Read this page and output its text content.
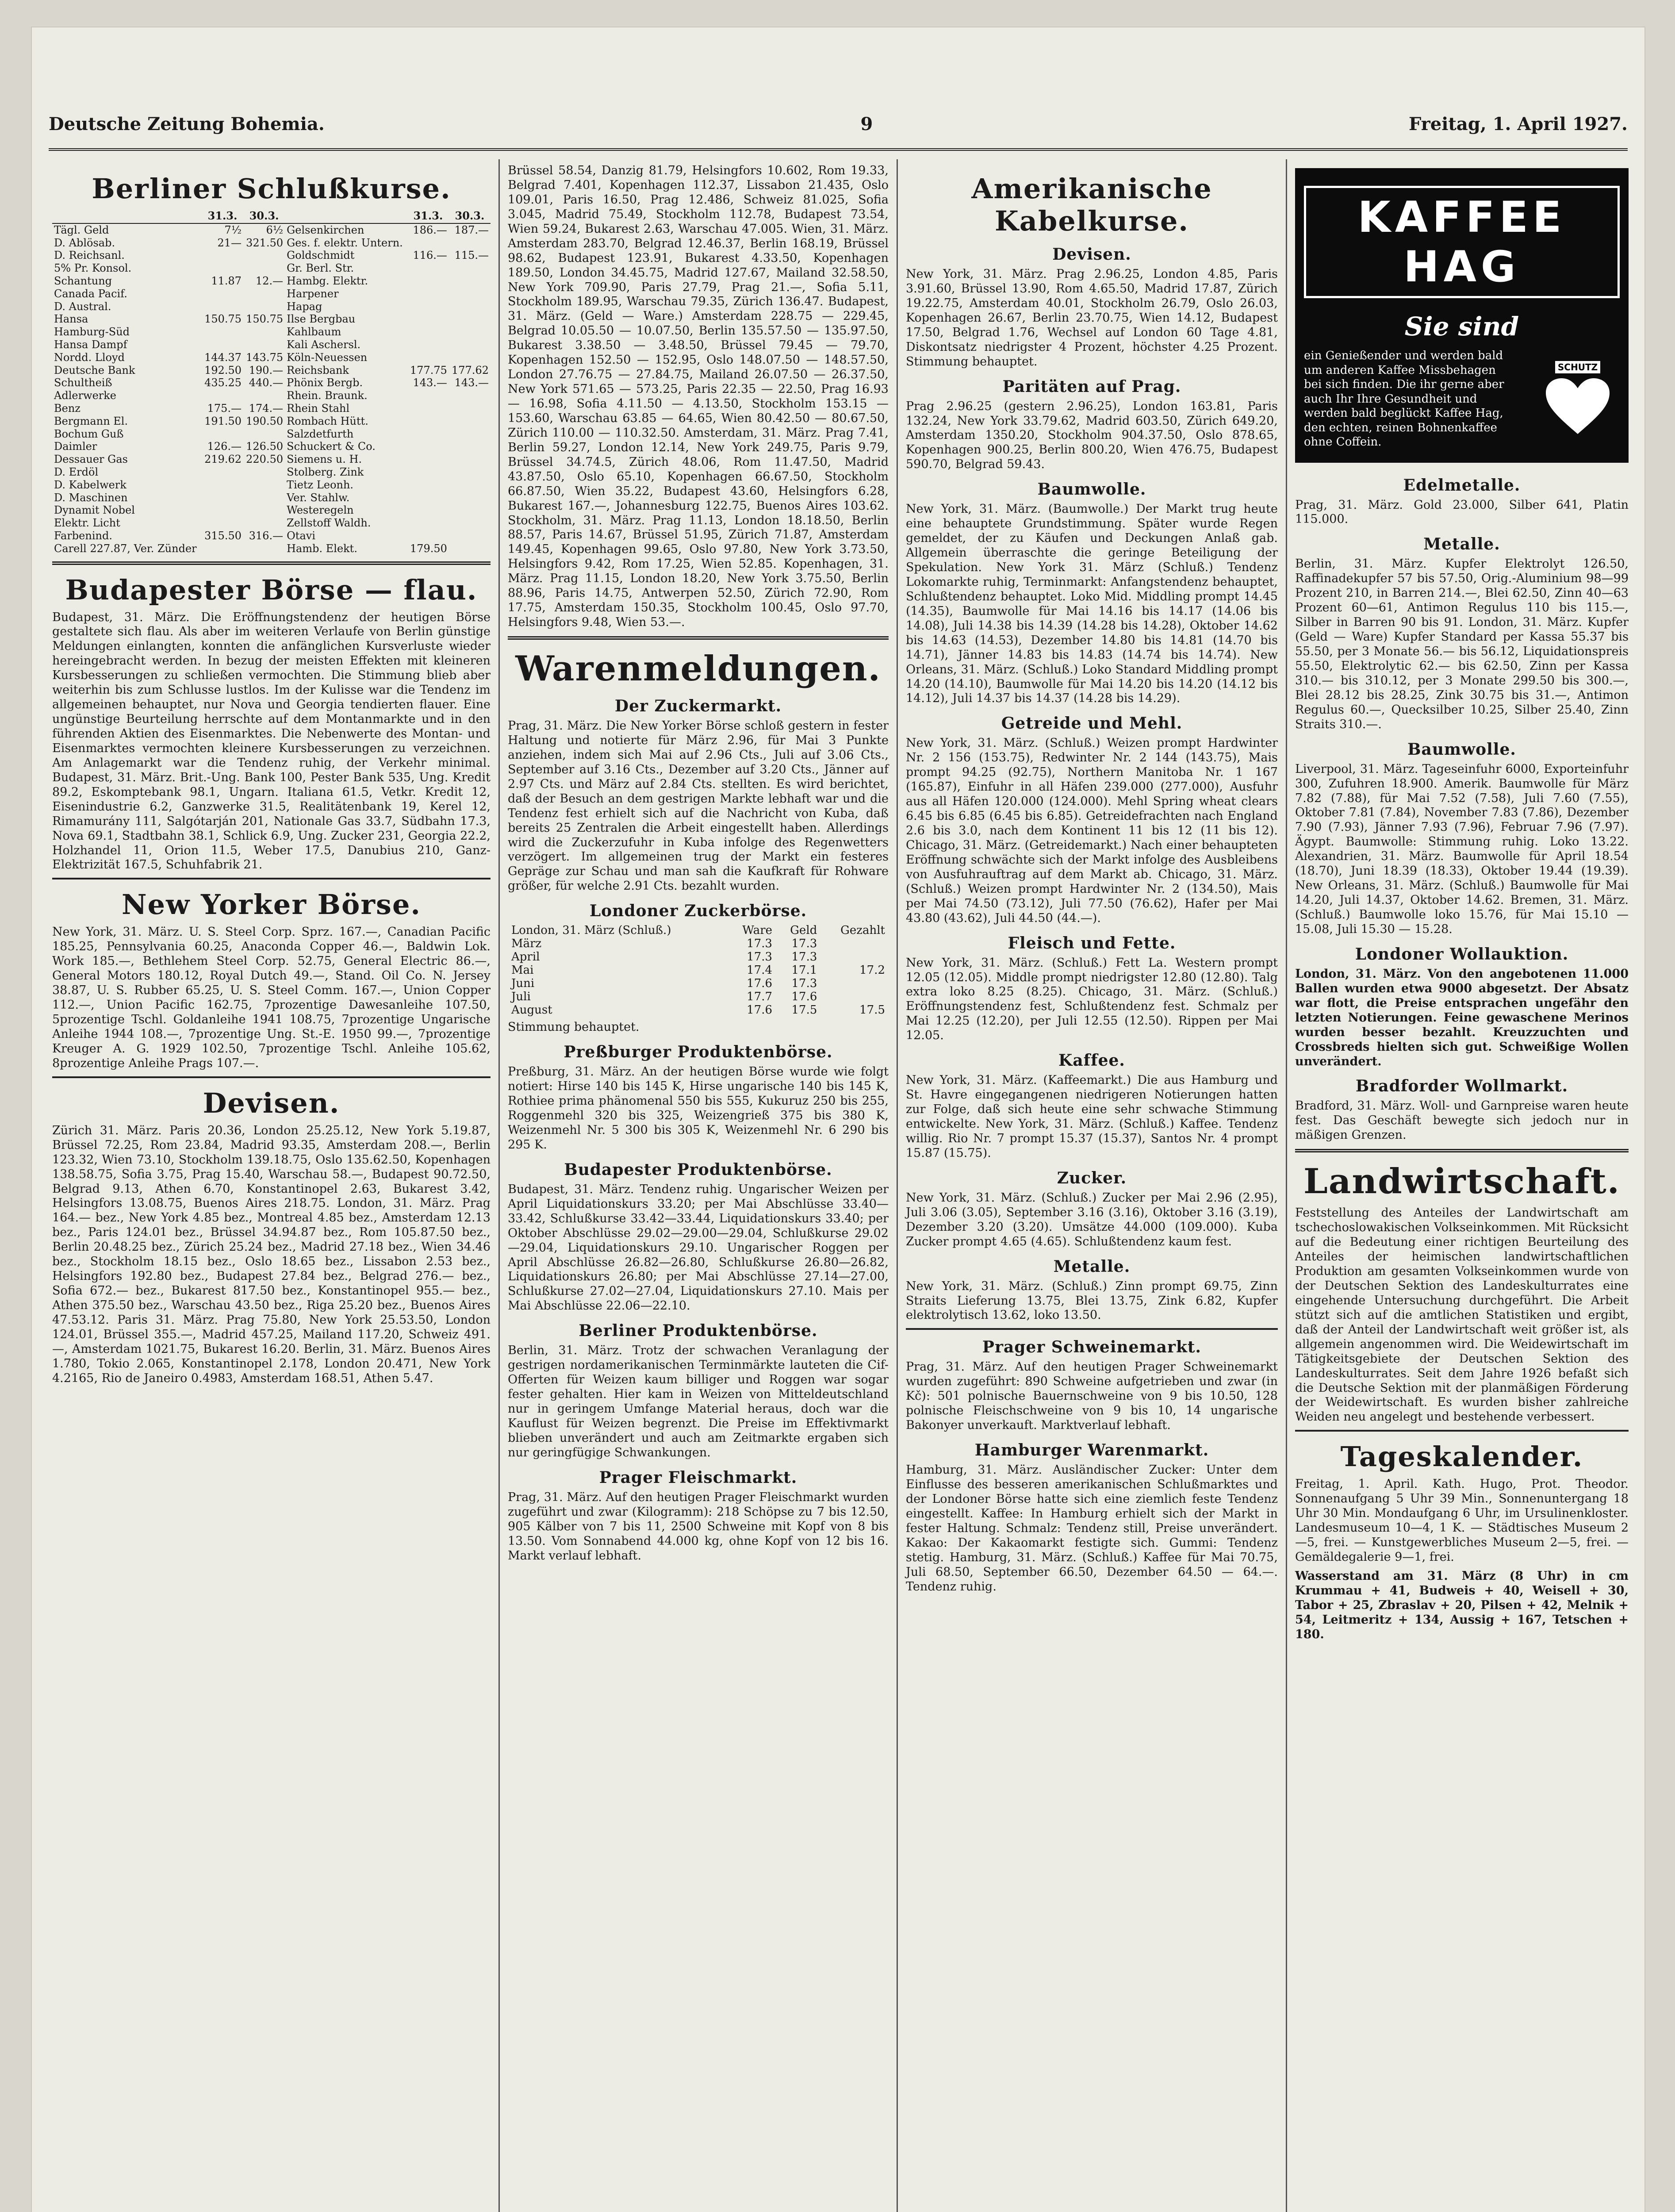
Deutsche Zeitung Bohemia.	9	Freitag, 1. April 1927.
Berliner Schlußkurse.
	31.3.	30.3.		31.3.	30.3.
Tägl. Geld	7½	6½	Gelsenkirchen	186.—	187.—
D. Ablösab.	21—	321.50	Ges. f. elektr. Untern.		
D. Reichsanl.			Goldschmidt	116.—	115.—
5% Pr. Konsol.			Gr. Berl. Str.		
Schantung	11.87	12.—	Hambg. Elektr.		
Canada Pacif.			Harpener		
D. Austral.			Hapag		
Hansa	150.75	150.75	Ilse Bergbau		
Hamburg-Süd			Kahlbaum		
Hansa Dampf			Kali Aschersl.		
Nordd. Lloyd	144.37	143.75	Köln-Neuessen		
Deutsche Bank	192.50	190.—	Reichsbank	177.75	177.62
Schultheiß	435.25	440.—	Phönix Bergb.	143.—	143.—
Adlerwerke			Rhein. Braunk.		
Benz	175.—	174.—	Rhein Stahl		
Bergmann El.	191.50	190.50	Rombach Hütt.		
Bochum Guß			Salzdetfurth		
Daimler	126.—	126.50	Schuckert & Co.		
Dessauer Gas	219.62	220.50	Siemens u. H.		
D. Erdöl			Stolberg. Zink		
D. Kabelwerk			Tietz Leonh.		
D. Maschinen			Ver. Stahlw.		
Dynamit Nobel			Westeregeln		
Elektr. Licht			Zellstoff Waldh.		
Farbenind.	315.50	316.—	Otavi		
Carell 227.87, Ver. Zünder			Hamb. Elekt.	179.50	
Budapester Börse — flau.

Budapest, 31. März. Die Eröffnungstendenz der heutigen Börse gestaltete sich flau. Als aber im weiteren Verlaufe von Berlin günstige Meldungen einlangten, konnten die anfänglichen Kursverluste wieder hereingebracht werden. In bezug der meisten Effekten mit kleineren Kursbesserungen zu schließen vermochten. Die Stimmung blieb aber weiterhin bis zum Schlusse lustlos. Im der Kulisse war die Tendenz im allgemeinen behauptet, nur Nova und Georgia tendierten flauer. Eine ungünstige Beurteilung herrschte auf dem Montanmarkte und in den führenden Aktien des Eisenmarktes. Die Nebenwerte des Montan- und Eisenmarktes vermochten kleinere Kursbesserungen zu verzeichnen. Am Anlagemarkt war die Tendenz ruhig, der Verkehr minimal. Budapest, 31. März. Brit.-Ung. Bank 100, Pester Bank 535, Ung. Kredit 89.2, Eskomptebank 98.1, Ungarn. Italiana 61.5, Vetkr. Kredit 12, Eisenindustrie 6.2, Ganzwerke 31.5, Realitätenbank 19, Kerel 12, Rimamurány 111, Salgótarján 201, Nationale Gas 33.7, Südbahn 17.3, Nova 69.1, Stadtbahn 38.1, Schlick 6.9, Ung. Zucker 231, Georgia 22.2, Holzhandel 11, Orion 11.5, Weber 17.5, Danubius 210, Ganz-Elektrizität 167.5, Schuhfabrik 21.

New Yorker Börse.

New York, 31. März. U. S. Steel Corp. Sprz. 167.—, Canadian Pacific 185.25, Pennsylvania 60.25, Anaconda Copper 46.—, Baldwin Lok. Work 185.—, Bethlehem Steel Corp. 52.75, General Electric 86.—, General Motors 180.12, Royal Dutch 49.—, Stand. Oil Co. N. Jersey 38.87, U. S. Rubber 65.25, U. S. Steel Comm. 167.—, Union Copper 112.—, Union Pacific 162.75, 7prozentige Dawesanleihe 107.50, 5prozentige Tschl. Goldanleihe 1941 108.75, 7prozentige Ungarische Anleihe 1944 108.—, 7prozentige Ung. St.-E. 1950 99.—, 7prozentige Kreuger A. G. 1929 102.50, 7prozentige Tschl. Anleihe 105.62, 8prozentige Anleihe Prags 107.—.

Devisen.

Zürich 31. März. Paris 20.36, London 25.25.12, New York 5.19.87, Brüssel 72.25, Rom 23.84, Madrid 93.35, Amsterdam 208.—, Berlin 123.32, Wien 73.10, Stockholm 139.18.75, Oslo 135.62.50, Kopenhagen 138.58.75, Sofia 3.75, Prag 15.40, Warschau 58.—, Budapest 90.72.50, Belgrad 9.13, Athen 6.70, Konstantinopel 2.63, Bukarest 3.42, Helsingfors 13.08.75, Buenos Aires 218.75. London, 31. März. Prag 164.— bez., New York 4.85 bez., Montreal 4.85 bez., Amsterdam 12.13 bez., Paris 124.01 bez., Brüssel 34.94.87 bez., Rom 105.87.50 bez., Berlin 20.48.25 bez., Zürich 25.24 bez., Madrid 27.18 bez., Wien 34.46 bez., Stockholm 18.15 bez., Oslo 18.65 bez., Lissabon 2.53 bez., Helsingfors 192.80 bez., Budapest 27.84 bez., Belgrad 276.— bez., Sofia 672.— bez., Bukarest 817.50 bez., Konstantinopel 955.— bez., Athen 375.50 bez., Warschau 43.50 bez., Riga 25.20 bez., Buenos Aires 47.53.12. Paris 31. März. Prag 75.80, New York 25.53.50, London 124.01, Brüssel 355.—, Madrid 457.25, Mailand 117.20, Schweiz 491.—, Amsterdam 1021.75, Bukarest 16.20. Berlin, 31. März. Buenos Aires 1.780, Tokio 2.065, Konstantinopel 2.178, London 20.471, New York 4.2165, Rio de Janeiro 0.4983, Amsterdam 168.51, Athen 5.47.

Brüssel 58.54, Danzig 81.79, Helsingfors 10.602, Rom 19.33, Belgrad 7.401, Kopenhagen 112.37, Lissabon 21.435, Oslo 109.01, Paris 16.50, Prag 12.486, Schweiz 81.025, Sofia 3.045, Madrid 75.49, Stockholm 112.78, Budapest 73.54, Wien 59.24, Bukarest 2.63, Warschau 47.005. Wien, 31. März. Amsterdam 283.70, Belgrad 12.46.37, Berlin 168.19, Brüssel 98.62, Budapest 123.91, Bukarest 4.33.50, Kopenhagen 189.50, London 34.45.75, Madrid 127.67, Mailand 32.58.50, New York 709.90, Paris 27.79, Prag 21.—, Sofia 5.11, Stockholm 189.95, Warschau 79.35, Zürich 136.47. Budapest, 31. März. (Geld — Ware.) Amsterdam 228.75 — 229.45, Belgrad 10.05.50 — 10.07.50, Berlin 135.57.50 — 135.97.50, Bukarest 3.38.50 — 3.48.50, Brüssel 79.45 — 79.70, Kopenhagen 152.50 — 152.95, Oslo 148.07.50 — 148.57.50, London 27.76.75 — 27.84.75, Mailand 26.07.50 — 26.37.50, New York 571.65 — 573.25, Paris 22.35 — 22.50, Prag 16.93 — 16.98, Sofia 4.11.50 — 4.13.50, Stockholm 153.15 — 153.60, Warschau 63.85 — 64.65, Wien 80.42.50 — 80.67.50, Zürich 110.00 — 110.32.50. Amsterdam, 31. März. Prag 7.41, Berlin 59.27, London 12.14, New York 249.75, Paris 9.79, Brüssel 34.74.5, Zürich 48.06, Rom 11.47.50, Madrid 43.87.50, Oslo 65.10, Kopenhagen 66.67.50, Stockholm 66.87.50, Wien 35.22, Budapest 43.60, Helsingfors 6.28, Bukarest 167.—, Johannesburg 122.75, Buenos Aires 103.62. Stockholm, 31. März. Prag 11.13, London 18.18.50, Berlin 88.57, Paris 14.67, Brüssel 51.95, Zürich 71.87, Amsterdam 149.45, Kopenhagen 99.65, Oslo 97.80, New York 3.73.50, Helsingfors 9.42, Rom 17.25, Wien 52.85. Kopenhagen, 31. März. Prag 11.15, London 18.20, New York 3.75.50, Berlin 88.96, Paris 14.75, Antwerpen 52.50, Zürich 72.90, Rom 17.75, Amsterdam 150.35, Stockholm 100.45, Oslo 97.70, Helsingfors 9.48, Wien 53.—.

Warenmeldungen.
Der Zuckermarkt.

Prag, 31. März. Die New Yorker Börse schloß gestern in fester Haltung und notierte für März 2.96, für Mai 3 Punkte anziehen, indem sich Mai auf 2.96 Cts., Juli auf 3.06 Cts., September auf 3.16 Cts., Dezember auf 3.20 Cts., Jänner auf 2.97 Cts. und März auf 2.84 Cts. stellten. Es wird berichtet, daß der Besuch an dem gestrigen Markte lebhaft war und die Tendenz fest erhielt sich auf die Nachricht von Kuba, daß bereits 25 Zentralen die Arbeit eingestellt haben. Allerdings wird die Zuckerzufuhr in Kuba infolge des Regenwetters verzögert. Im allgemeinen trug der Markt ein festeres Gepräge zur Schau und man sah die Kaufkraft für Rohware größer, für welche 2.91 Cts. bezahlt wurden.

Londoner Zuckerbörse.
London, 31. März (Schluß.)	Ware	Geld	Gezahlt
März	17.3	17.3	
April	17.3	17.3	
Mai	17.4	17.1	17.2
Juni	17.6	17.3	
Juli	17.7	17.6	
August	17.6	17.5	17.5

Stimmung behauptet.

Preßburger Produktenbörse.

Preßburg, 31. März. An der heutigen Börse wurde wie folgt notiert: Hirse 140 bis 145 K, Hirse ungarische 140 bis 145 K, Rothiee prima phänomenal 550 bis 555, Kukuruz 250 bis 255, Roggenmehl 320 bis 325, Weizengrieß 375 bis 380 K, Weizenmehl Nr. 5 300 bis 305 K, Weizenmehl Nr. 6 290 bis 295 K.

Budapester Produktenbörse.

Budapest, 31. März. Tendenz ruhig. Ungarischer Weizen per April Liquidationskurs 33.20; per Mai Abschlüsse 33.40—33.42, Schlußkurse 33.42—33.44, Liquidationskurs 33.40; per Oktober Abschlüsse 29.02—29.00—29.04, Schlußkurse 29.02—29.04, Liquidationskurs 29.10. Ungarischer Roggen per April Abschlüsse 26.82—26.80, Schlußkurse 26.80—26.82, Liquidationskurs 26.80; per Mai Abschlüsse 27.14—27.00, Schlußkurse 27.02—27.04, Liquidationskurs 27.10. Mais per Mai Abschlüsse 22.06—22.10.

Berliner Produktenbörse.

Berlin, 31. März. Trotz der schwachen Veranlagung der gestrigen nordamerikanischen Terminmärkte lauteten die Cif-Offerten für Weizen kaum billiger und Roggen war sogar fester gehalten. Hier kam in Weizen von Mitteldeutschland nur in geringem Umfange Material heraus, doch war die Kauflust für Weizen begrenzt. Die Preise im Effektivmarkt blieben unverändert und auch am Zeitmarkte ergaben sich nur geringfügige Schwankungen.

Prager Fleischmarkt.

Prag, 31. März. Auf den heutigen Prager Fleischmarkt wurden zugeführt und zwar (Kilogramm): 218 Schöpse zu 7 bis 12.50, 905 Kälber von 7 bis 11, 2500 Schweine mit Kopf von 8 bis 13.50. Vom Sonnabend 44.000 kg, ohne Kopf von 12 bis 16. Markt verlauf lebhaft.

Amerikanische Kabelkurse.
Devisen.

New York, 31. März. Prag 2.96.25, London 4.85, Paris 3.91.60, Brüssel 13.90, Rom 4.65.50, Madrid 17.87, Zürich 19.22.75, Amsterdam 40.01, Stockholm 26.79, Oslo 26.03, Kopenhagen 26.67, Berlin 23.70.75, Wien 14.12, Budapest 17.50, Belgrad 1.76, Wechsel auf London 60 Tage 4.81, Diskontsatz niedrigster 4 Prozent, höchster 4.25 Prozent. Stimmung behauptet.

Paritäten auf Prag.

Prag 2.96.25 (gestern 2.96.25), London 163.81, Paris 132.24, New York 33.79.62, Madrid 603.50, Zürich 649.20, Amsterdam 1350.20, Stockholm 904.37.50, Oslo 878.65, Kopenhagen 900.25, Berlin 800.20, Wien 476.75, Budapest 590.70, Belgrad 59.43.

Baumwolle.

New York, 31. März. (Baumwolle.) Der Markt trug heute eine behauptete Grundstimmung. Später wurde Regen gemeldet, der zu Käufen und Deckungen Anlaß gab. Allgemein überraschte die geringe Beteiligung der Spekulation. New York 31. März (Schluß.) Tendenz Lokomarkte ruhig, Terminmarkt: Anfangstendenz behauptet, Schlußtendenz behauptet. Loko Mid. Middling prompt 14.45 (14.35), Baumwolle für Mai 14.16 bis 14.17 (14.06 bis 14.08), Juli 14.38 bis 14.39 (14.28 bis 14.28), Oktober 14.62 bis 14.63 (14.53), Dezember 14.80 bis 14.81 (14.70 bis 14.71), Jänner 14.83 bis 14.83 (14.74 bis 14.74). New Orleans, 31. März. (Schluß.) Loko Standard Middling prompt 14.20 (14.10), Baumwolle für Mai 14.20 bis 14.20 (14.12 bis 14.12), Juli 14.37 bis 14.37 (14.28 bis 14.29).

Getreide und Mehl.

New York, 31. März. (Schluß.) Weizen prompt Hardwinter Nr. 2 156 (153.75), Redwinter Nr. 2 144 (143.75), Mais prompt 94.25 (92.75), Northern Manitoba Nr. 1 167 (165.87), Einfuhr in all Häfen 239.000 (277.000), Ausfuhr aus all Häfen 120.000 (124.000). Mehl Spring wheat clears 6.45 bis 6.85 (6.45 bis 6.85). Getreidefrachten nach England 2.6 bis 3.0, nach dem Kontinent 11 bis 12 (11 bis 12). Chicago, 31. März. (Getreidemarkt.) Nach einer behaupteten Eröffnung schwächte sich der Markt infolge des Ausbleibens von Ausfuhrauftrag auf dem Markt ab. Chicago, 31. März. (Schluß.) Weizen prompt Hardwinter Nr. 2 (134.50), Mais per Mai 74.50 (73.12), Juli 77.50 (76.62), Hafer per Mai 43.80 (43.62), Juli 44.50 (44.—).

Fleisch und Fette.

New York, 31. März. (Schluß.) Fett La. Western prompt 12.05 (12.05). Middle prompt niedrigster 12.80 (12.80). Talg extra loko 8.25 (8.25). Chicago, 31. März. (Schluß.) Eröffnungstendenz fest, Schlußtendenz fest. Schmalz per Mai 12.25 (12.20), per Juli 12.55 (12.50). Rippen per Mai 12.05.

Kaffee.

New York, 31. März. (Kaffeemarkt.) Die aus Hamburg und St. Havre eingegangenen niedrigeren Notierungen hatten zur Folge, daß sich heute eine sehr schwache Stimmung entwickelte. New York, 31. März. (Schluß.) Kaffee. Tendenz willig. Rio Nr. 7 prompt 15.37 (15.37), Santos Nr. 4 prompt 15.87 (15.75).

Zucker.

New York, 31. März. (Schluß.) Zucker per Mai 2.96 (2.95), Juli 3.06 (3.05), September 3.16 (3.16), Oktober 3.16 (3.19), Dezember 3.20 (3.20). Umsätze 44.000 (109.000). Kuba Zucker prompt 4.65 (4.65). Schlußtendenz kaum fest.

Metalle.

New York, 31. März. (Schluß.) Zinn prompt 69.75, Zinn Straits Lieferung 13.75, Blei 13.75, Zink 6.82, Kupfer elektrolytisch 13.62, loko 13.50.

Prager Schweinemarkt.

Prag, 31. März. Auf den heutigen Prager Schweinemarkt wurden zugeführt: 890 Schweine aufgetrieben und zwar (in Kč): 501 polnische Bauernschweine von 9 bis 10.50, 128 polnische Fleischschweine von 9 bis 10, 14 ungarische Bakonyer unverkauft. Marktverlauf lebhaft.

Hamburger Warenmarkt.

Hamburg, 31. März. Ausländischer Zucker: Unter dem Einflusse des besseren amerikanischen Schlußmarktes und der Londoner Börse hatte sich eine ziemlich feste Tendenz eingestellt. Kaffee: In Hamburg erhielt sich der Markt in fester Haltung. Schmalz: Tendenz still, Preise unverändert. Kakao: Der Kakaomarkt festigte sich. Gummi: Tendenz stetig. Hamburg, 31. März. (Schluß.) Kaffee für Mai 70.75, Juli 68.50, September 66.50, Dezember 64.50 — 64.—. Tendenz ruhig.

KAFFEE HAG
Sie sind
ein Genießender und werden bald um anderen Kaffee Missbehagen bei sich finden. Die ihr gerne aber auch Ihr Ihre Gesundheit und werden bald beglückt Kaffee Hag, den echten, reinen Bohnenkaffee ohne Coffein.
SCHUTZ
Edelmetalle.

Prag, 31. März. Gold 23.000, Silber 641, Platin 115.000.

Metalle.

Berlin, 31. März. Kupfer Elektrolyt 126.50, Raffinadekupfer 57 bis 57.50, Orig.-Aluminium 98—99 Prozent 210, in Barren 214.—, Blei 62.50, Zinn 40—63 Prozent 60—61, Antimon Regulus 110 bis 115.—, Silber in Barren 90 bis 91. London, 31. März. Kupfer (Geld — Ware) Kupfer Standard per Kassa 55.37 bis 55.50, per 3 Monate 56.— bis 56.12, Liquidationspreis 55.50, Elektrolytic 62.— bis 62.50, Zinn per Kassa 310.— bis 310.12, per 3 Monate 299.50 bis 300.—, Blei 28.12 bis 28.25, Zink 30.75 bis 31.—, Antimon Regulus 60.—, Quecksilber 10.25, Silber 25.40, Zinn Straits 310.—.

Baumwolle.

Liverpool, 31. März. Tageseinfuhr 6000, Exporteinfuhr 300, Zufuhren 18.900. Amerik. Baumwolle für März 7.82 (7.88), für Mai 7.52 (7.58), Juli 7.60 (7.55), Oktober 7.81 (7.84), November 7.83 (7.86), Dezember 7.90 (7.93), Jänner 7.93 (7.96), Februar 7.96 (7.97). Ägypt. Baumwolle: Stimmung ruhig. Loko 13.22. Alexandrien, 31. März. Baumwolle für April 18.54 (18.70), Juni 18.39 (18.33), Oktober 19.44 (19.39). New Orleans, 31. März. (Schluß.) Baumwolle für Mai 14.20, Juli 14.37, Oktober 14.62. Bremen, 31. März. (Schluß.) Baumwolle loko 15.76, für Mai 15.10 — 15.08, Juli 15.30 — 15.28.

Londoner Wollauktion.

London, 31. März. Von den angebotenen 11.000 Ballen wurden etwa 9000 abgesetzt. Der Absatz war flott, die Preise entsprachen ungefähr den letzten Notierungen. Feine gewaschene Merinos wurden besser bezahlt. Kreuzzuchten und Crossbreds hielten sich gut. Schweißige Wollen unverändert.

Bradforder Wollmarkt.

Bradford, 31. März. Woll- und Garnpreise waren heute fest. Das Geschäft bewegte sich jedoch nur in mäßigen Grenzen.

Landwirtschaft.

Feststellung des Anteiles der Landwirtschaft am tschechoslowakischen Volkseinkommen. Mit Rücksicht auf die Bedeutung einer richtigen Beurteilung des Anteiles der heimischen landwirtschaftlichen Produktion am gesamten Volkseinkommen wurde von der Deutschen Sektion des Landeskulturrates eine eingehende Untersuchung durchgeführt. Die Arbeit stützt sich auf die amtlichen Statistiken und ergibt, daß der Anteil der Landwirtschaft weit größer ist, als allgemein angenommen wird. Die Weidewirtschaft im Tätigkeitsgebiete der Deutschen Sektion des Landeskulturrates. Seit dem Jahre 1926 befaßt sich die Deutsche Sektion mit der planmäßigen Förderung der Weidewirtschaft. Es wurden bisher zahlreiche Weiden neu angelegt und bestehende verbessert.

Tageskalender.

Freitag, 1. April. Kath. Hugo, Prot. Theodor. Sonnenaufgang 5 Uhr 39 Min., Sonnenuntergang 18 Uhr 30 Min. Mondaufgang 6 Uhr, im Ursulinenkloster. Landesmuseum 10—4, 1 K. — Städtisches Museum 2—5, frei. — Kunstgewerbliches Museum 2—5, frei. — Gemäldegalerie 9—1, frei.

Wasserstand am 31. März (8 Uhr) in cm Krummau + 41, Budweis + 40, Weisell + 30, Tabor + 25, Zbraslav + 20, Pilsen + 42, Melnik + 54, Leitmeritz + 134, Aussig + 167, Tetschen + 180.
